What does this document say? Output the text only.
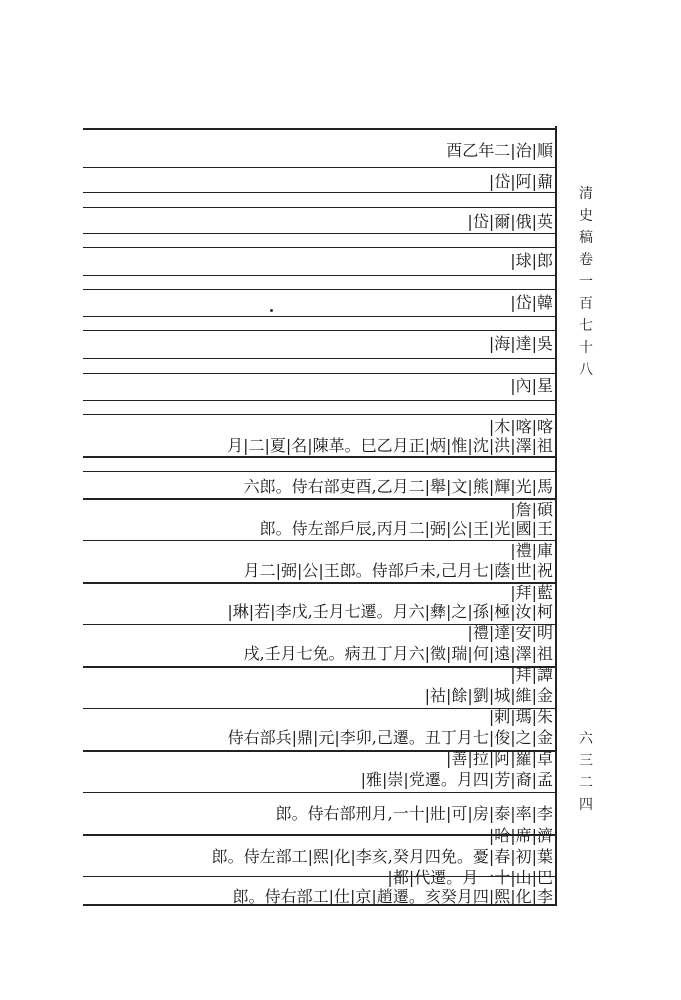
酉乙年二|治|順
|岱|阿|鼐
|岱|爾|俄|英
|球|郎
|岱|韓
|海|達|吳
|內|星
|木|喀|喀
月|二|夏|名|陳革。巳乙月正|炳|惟|沈|洪|澤|祖
六郎。侍右部吏酉,乙月二|舉|文|熊|輝|光|馬
|詹|碩
郎。侍左部戶辰,丙月二|弼|公|王|光|國|王
|禮|庫
月二|弼|公|王郎。侍部戶未,己月七|蔭|世|祝
|拜|藍
|琳|若|李戊,壬月七遷。月六|彝|之|孫|極|汝|柯
|禮|達|安|明
戌,壬月七免。病丑丁月六|徵|瑞|何|遠|澤|祖
|拜|譚
|祜|餘|劉|城|維|金
|剌|瑪|朱
侍右部兵|鼎|元|李卯,己遷。丑丁月七|俊|之|金
|善|拉|阿|羅|卓
|雅|崇|党遷。月四|芳|裔|孟
郎。侍右部刑月,一十|壯|可|房|泰|率|李
|哈|席|濟
郎。侍左部工|熙|化|李亥,癸月四免。憂|春|初|葉
|都|代遷。月一十|山|巴
郎。侍右部工|仕|京|趙遷。亥癸月四|熙|化|李
清
史
稿
卷
一
百
七
十
八
六
三
二
四
